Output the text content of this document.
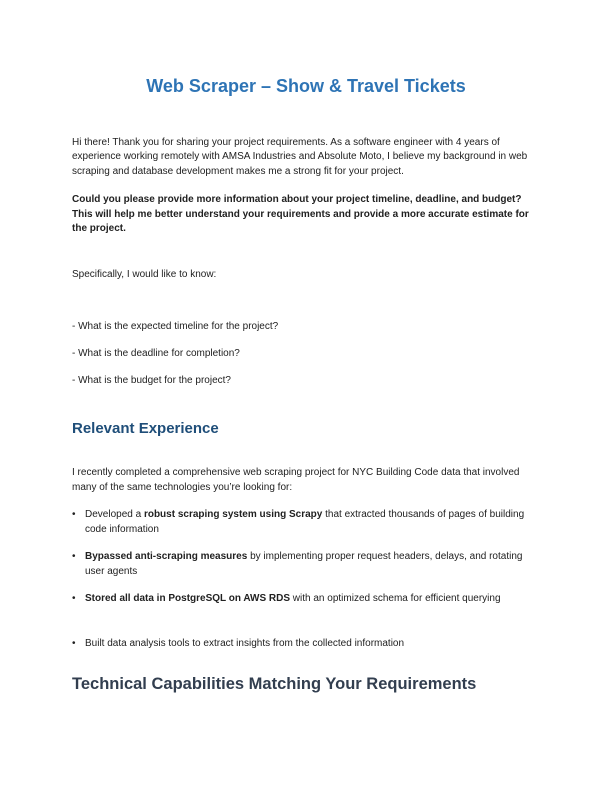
Web Scraper – Show & Travel Tickets

Hi there! Thank you for sharing your project requirements. As a software engineer with 4 years of experience working remotely with AMSA Industries and Absolute Moto, I believe my background in web scraping and database development makes me a strong fit for your project.

Could you please provide more information about your project timeline, deadline, and budget? This will help me better understand your requirements and provide a more accurate estimate for the project.

Specifically, I would like to know:

- What is the expected timeline for the project?

- What is the deadline for completion?

- What is the budget for the project?

Relevant Experience

I recently completed a comprehensive web scraping project for NYC Building Code data that involved many of the same technologies you’re looking for:

• Developed a robust scraping system using Scrapy that extracted thousands of pages of building code information
• Bypassed anti-scraping measures by implementing proper request headers, delays, and rotating user agents
• Stored all data in PostgreSQL on AWS RDS with an optimized schema for efficient querying
• Built data analysis tools to extract insights from the collected information
Technical Capabilities Matching Your Requirements
